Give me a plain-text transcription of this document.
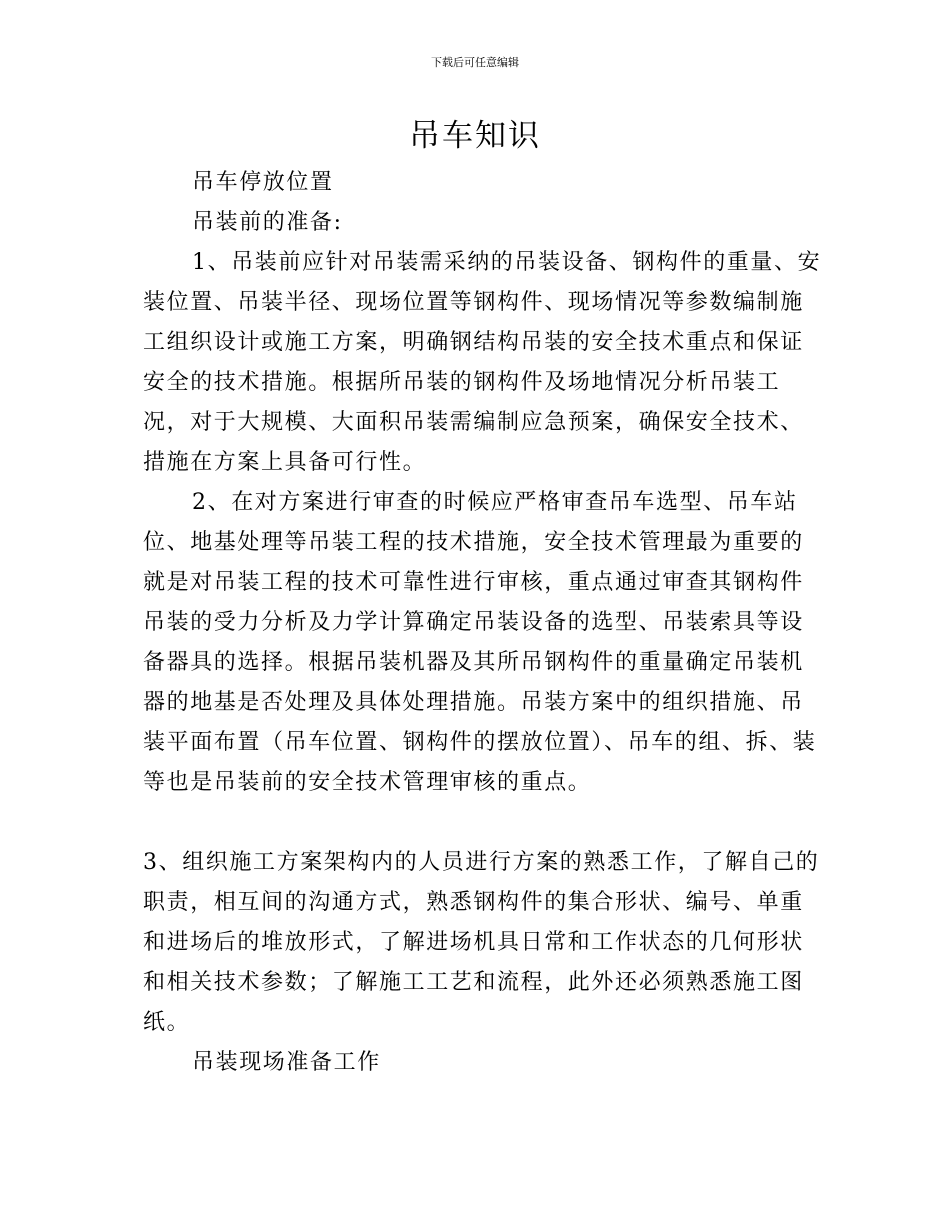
下载后可任意编辑
吊车知识

吊车停放位置

吊装前的准备:

1、吊装前应针对吊装需采纳的吊装设备、钢构件的重量、安装位置、吊装半径、现场位置等钢构件、现场情况等参数编制施工组织设计或施工方案，明确钢结构吊装的安全技术重点和保证安全的技术措施。根据所吊装的钢构件及场地情况分析吊装工况，对于大规模、大面积吊装需编制应急预案，确保安全技术、措施在方案上具备可行性。

2、在对方案进行审查的时候应严格审查吊车选型、吊车站位、地基处理等吊装工程的技术措施，安全技术管理最为重要的就是对吊装工程的技术可靠性进行审核，重点通过审查其钢构件吊装的受力分析及力学计算确定吊装设备的选型、吊装索具等设备器具的选择。根据吊装机器及其所吊钢构件的重量确定吊装机器的地基是否处理及具体处理措施。吊装方案中的组织措施、吊装平面布置（吊车位置、钢构件的摆放位置）、吊车的组、拆、装等也是吊装前的安全技术管理审核的重点。

3、组织施工方案架构内的人员进行方案的熟悉工作，了解自己的职责，相互间的沟通方式，熟悉钢构件的集合形状、编号、单重和进场后的堆放形式，了解进场机具日常和工作状态的几何形状和相关技术参数；了解施工工艺和流程，此外还必须熟悉施工图纸。

吊装现场准备工作
